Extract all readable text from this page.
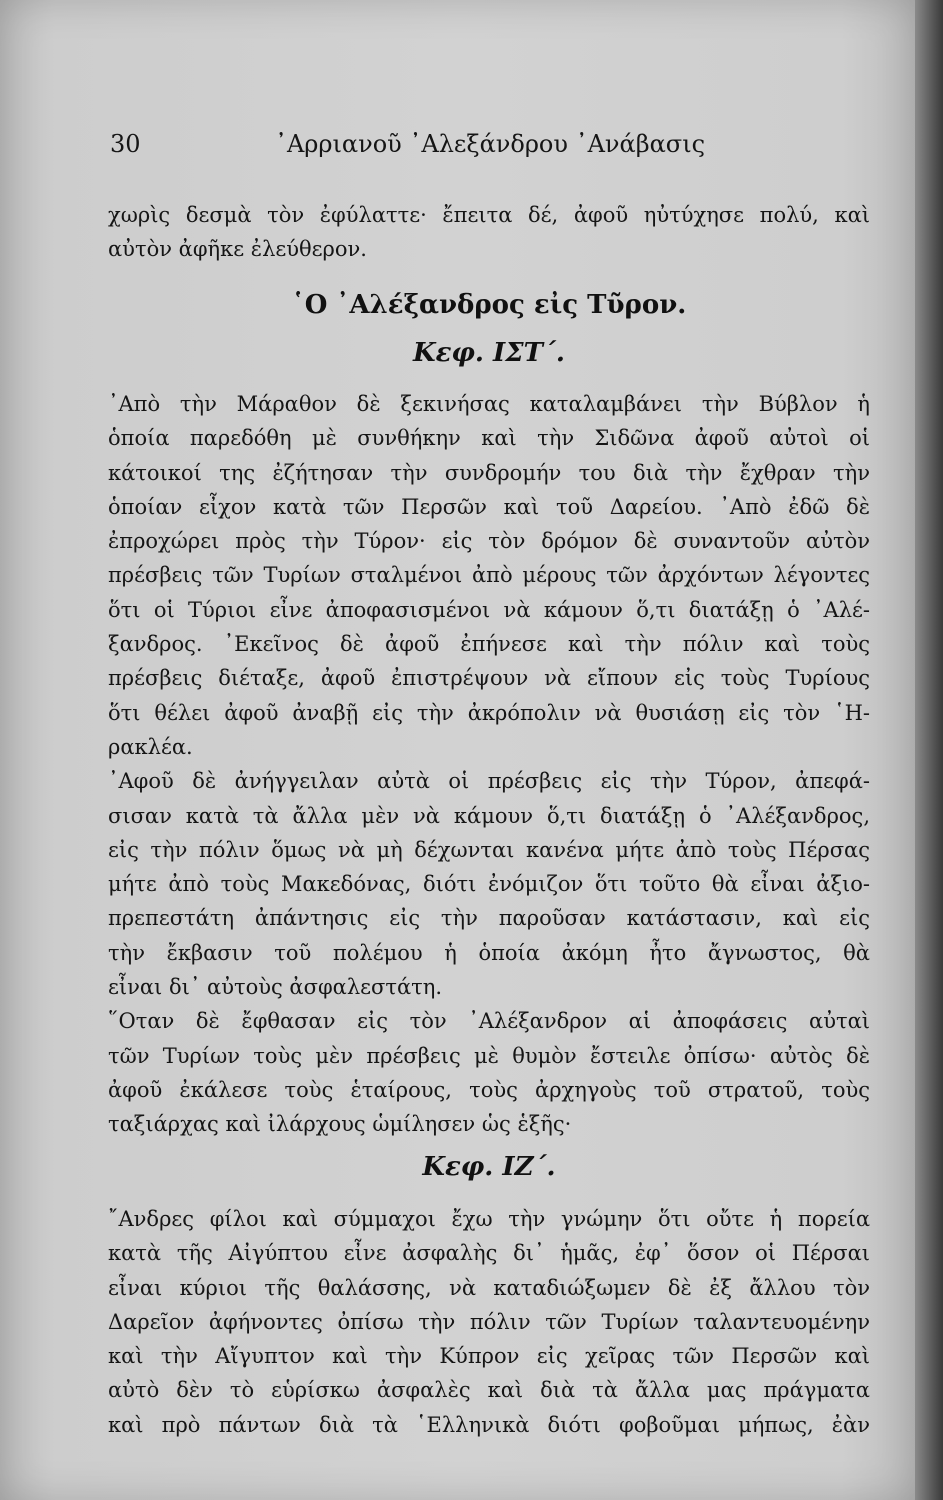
30	᾿Αρριανοῦ ᾿Αλεξάνδρου ᾿Ανάβασις
χωρὶς δεσμὰ τὸν ἐφύλαττε· ἔπειτα δέ, ἀφοῦ ηὐτύχησε πολύ, καὶ
αὐτὸν ἀφῆκε ἐλεύθερον.
῾Ο ᾿Αλέξανδρος εἰς Τῦρον.
Κεφ. ΙΣΤ΄.
᾿Απὸ τὴν Μάραθον δὲ ξεκινήσας καταλαμβάνει τὴν Βύβλον ἡ
ὁποία παρεδόθη μὲ συνθήκην καὶ τὴν Σιδῶνα ἀφοῦ αὐτοὶ οἱ
κάτοικοί της ἐζήτησαν τὴν συνδρομήν του διὰ τὴν ἔχθραν τὴν
ὁποίαν εἶχον κατὰ τῶν Περσῶν καὶ τοῦ Δαρείου. ᾿Απὸ ἐδῶ δὲ
ἐπροχώρει πρὸς τὴν Τύρον· εἰς τὸν δρόμον δὲ συναντοῦν αὐτὸν
πρέσβεις τῶν Τυρίων σταλμένοι ἀπὸ μέρους τῶν ἀρχόντων λέγοντες
ὅτι οἱ Τύριοι εἶνε ἀποφασισμένοι νὰ κάμουν ὅ,τι διατάξῃ ὁ ᾿Αλέ-
ξανδρος. ᾿Εκεῖνος δὲ ἀφοῦ ἐπήνεσε καὶ τὴν πόλιν καὶ τοὺς
πρέσβεις διέταξε, ἀφοῦ ἐπιστρέψουν νὰ εἴπουν εἰς τοὺς Τυρίους
ὅτι θέλει ἀφοῦ ἀναβῇ εἰς τὴν ἀκρόπολιν νὰ θυσιάσῃ εἰς τὸν ῾Η-
ρακλέα.
᾿Αφοῦ δὲ ἀνήγγειλαν αὐτὰ οἱ πρέσβεις εἰς τὴν Τύρον, ἀπεφά-
σισαν κατὰ τὰ ἄλλα μὲν νὰ κάμουν ὅ,τι διατάξῃ ὁ ᾿Αλέξανδρος,
εἰς τὴν πόλιν ὅμως νὰ μὴ δέχωνται κανένα μήτε ἀπὸ τοὺς Πέρσας
μήτε ἀπὸ τοὺς Μακεδόνας, διότι ἐνόμιζον ὅτι τοῦτο θὰ εἶναι ἀξιο-
πρεπεστάτη ἀπάντησις εἰς τὴν παροῦσαν κατάστασιν, καὶ εἰς
τὴν ἔκβασιν τοῦ πολέμου ἡ ὁποία ἀκόμη ἦτο ἄγνωστος, θὰ
εἶναι δι᾿ αὐτοὺς ἀσφαλεστάτη.
῞Οταν δὲ ἔφθασαν εἰς τὸν ᾿Αλέξανδρον αἱ ἀποφάσεις αὐταὶ
τῶν Τυρίων τοὺς μὲν πρέσβεις μὲ θυμὸν ἔστειλε ὀπίσω· αὐτὸς δὲ
ἀφοῦ ἐκάλεσε τοὺς ἑταίρους, τοὺς ἀρχηγοὺς τοῦ στρατοῦ, τοὺς
ταξιάρχας καὶ ἰλάρχους ὡμίλησεν ὡς ἑξῆς·
Κεφ. ΙΖ΄.
῎Ανδρες φίλοι καὶ σύμμαχοι ἔχω τὴν γνώμην ὅτι οὔτε ἡ πορεία
κατὰ τῆς Αἰγύπτου εἶνε ἀσφαλὴς δι᾿ ἡμᾶς, ἐφ᾿ ὅσον οἱ Πέρσαι
εἶναι κύριοι τῆς θαλάσσης, νὰ καταδιώξωμεν δὲ ἐξ ἄλλου τὸν
Δαρεῖον ἀφήνοντες ὀπίσω τὴν πόλιν τῶν Τυρίων ταλαντευομένην
καὶ τὴν Αἴγυπτον καὶ τὴν Κύπρον εἰς χεῖρας τῶν Περσῶν καὶ
αὐτὸ δὲν τὸ εὑρίσκω ἀσφαλὲς καὶ διὰ τὰ ἄλλα μας πράγματα
καὶ πρὸ πάντων διὰ τὰ ῾Ελληνικὰ διότι φοβοῦμαι μήπως, ἐὰν
